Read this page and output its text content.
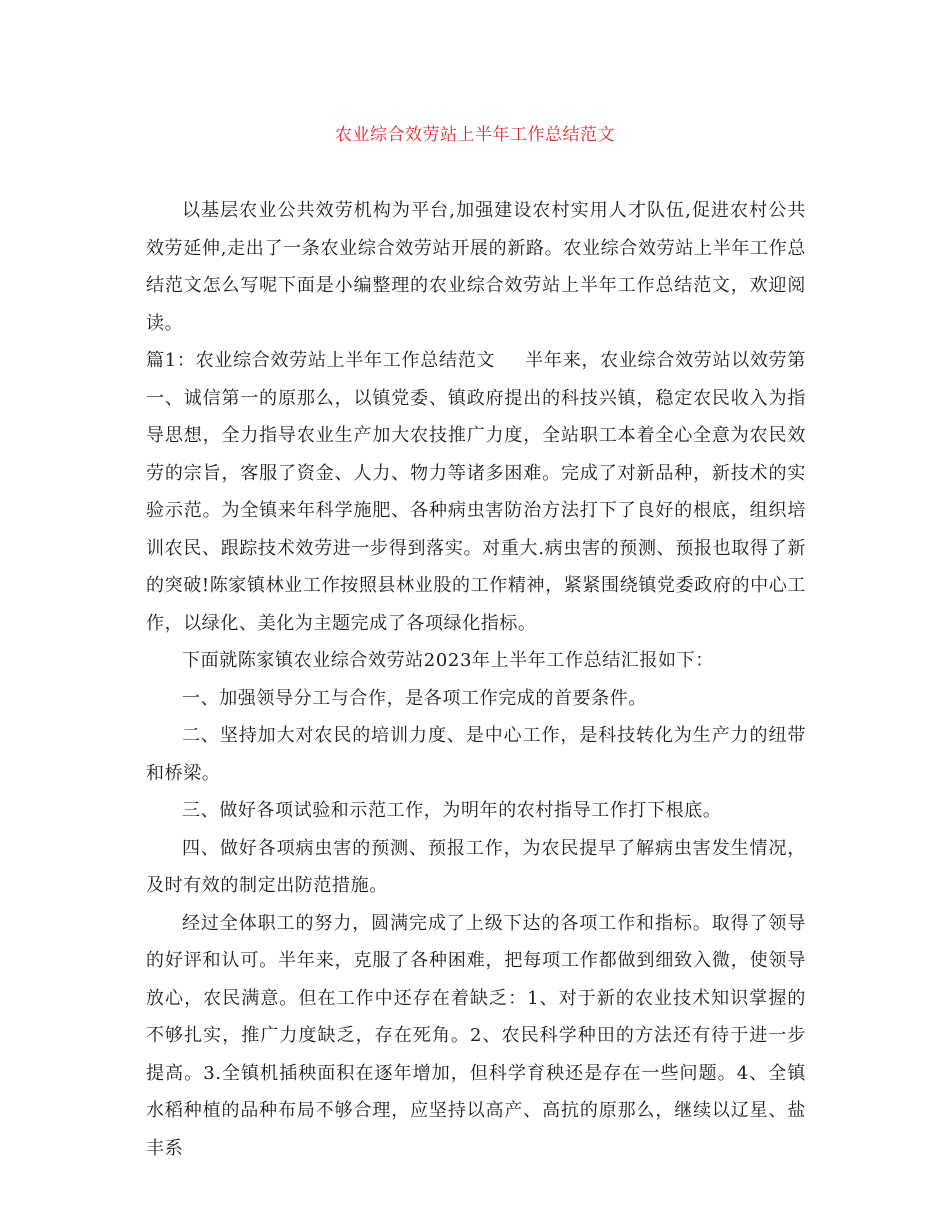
农业综合效劳站上半年工作总结范文

以基层农业公共效劳机构为平台,加强建设农村实用人才队伍,促进农村公共效劳延伸,走出了一条农业综合效劳站开展的新路。农业综合效劳站上半年工作总结范文怎么写呢下面是小编整理的农业综合效劳站上半年工作总结范文，欢迎阅读。

篇1：农业综合效劳站上半年工作总结范文 半年来，农业综合效劳站以效劳第一、诚信第一的原那么，以镇党委、镇政府提出的科技兴镇，稳定农民收入为指导思想，全力指导农业生产加大农技推广力度，全站职工本着全心全意为农民效劳的宗旨，客服了资金、人力、物力等诸多困难。完成了对新品种，新技术的实验示范。为全镇来年科学施肥、各种病虫害防治方法打下了良好的根底，组织培训农民、跟踪技术效劳进一步得到落实。对重大.病虫害的预测、预报也取得了新的突破!陈家镇林业工作按照县林业股的工作精神，紧紧围绕镇党委政府的中心工作，以绿化、美化为主题完成了各项绿化指标。

下面就陈家镇农业综合效劳站2023年上半年工作总结汇报如下：

一、加强领导分工与合作，是各项工作完成的首要条件。

二、坚持加大对农民的培训力度、是中心工作，是科技转化为生产力的纽带和桥梁。

三、做好各项试验和示范工作，为明年的农村指导工作打下根底。

四、做好各项病虫害的预测、预报工作，为农民提早了解病虫害发生情况，及时有效的制定出防范措施。

经过全体职工的努力，圆满完成了上级下达的各项工作和指标。取得了领导的好评和认可。半年来，克服了各种困难，把每项工作都做到细致入微，使领导放心，农民满意。但在工作中还存在着缺乏：1、对于新的农业技术知识掌握的不够扎实，推广力度缺乏，存在死角。2、农民科学种田的方法还有待于进一步提高。3.全镇机插秧面积在逐年增加，但科学育秧还是存在一些问题。4、全镇水稻种植的品种布局不够合理，应坚持以高产、高抗的原那么，继续以辽星、盐丰系
